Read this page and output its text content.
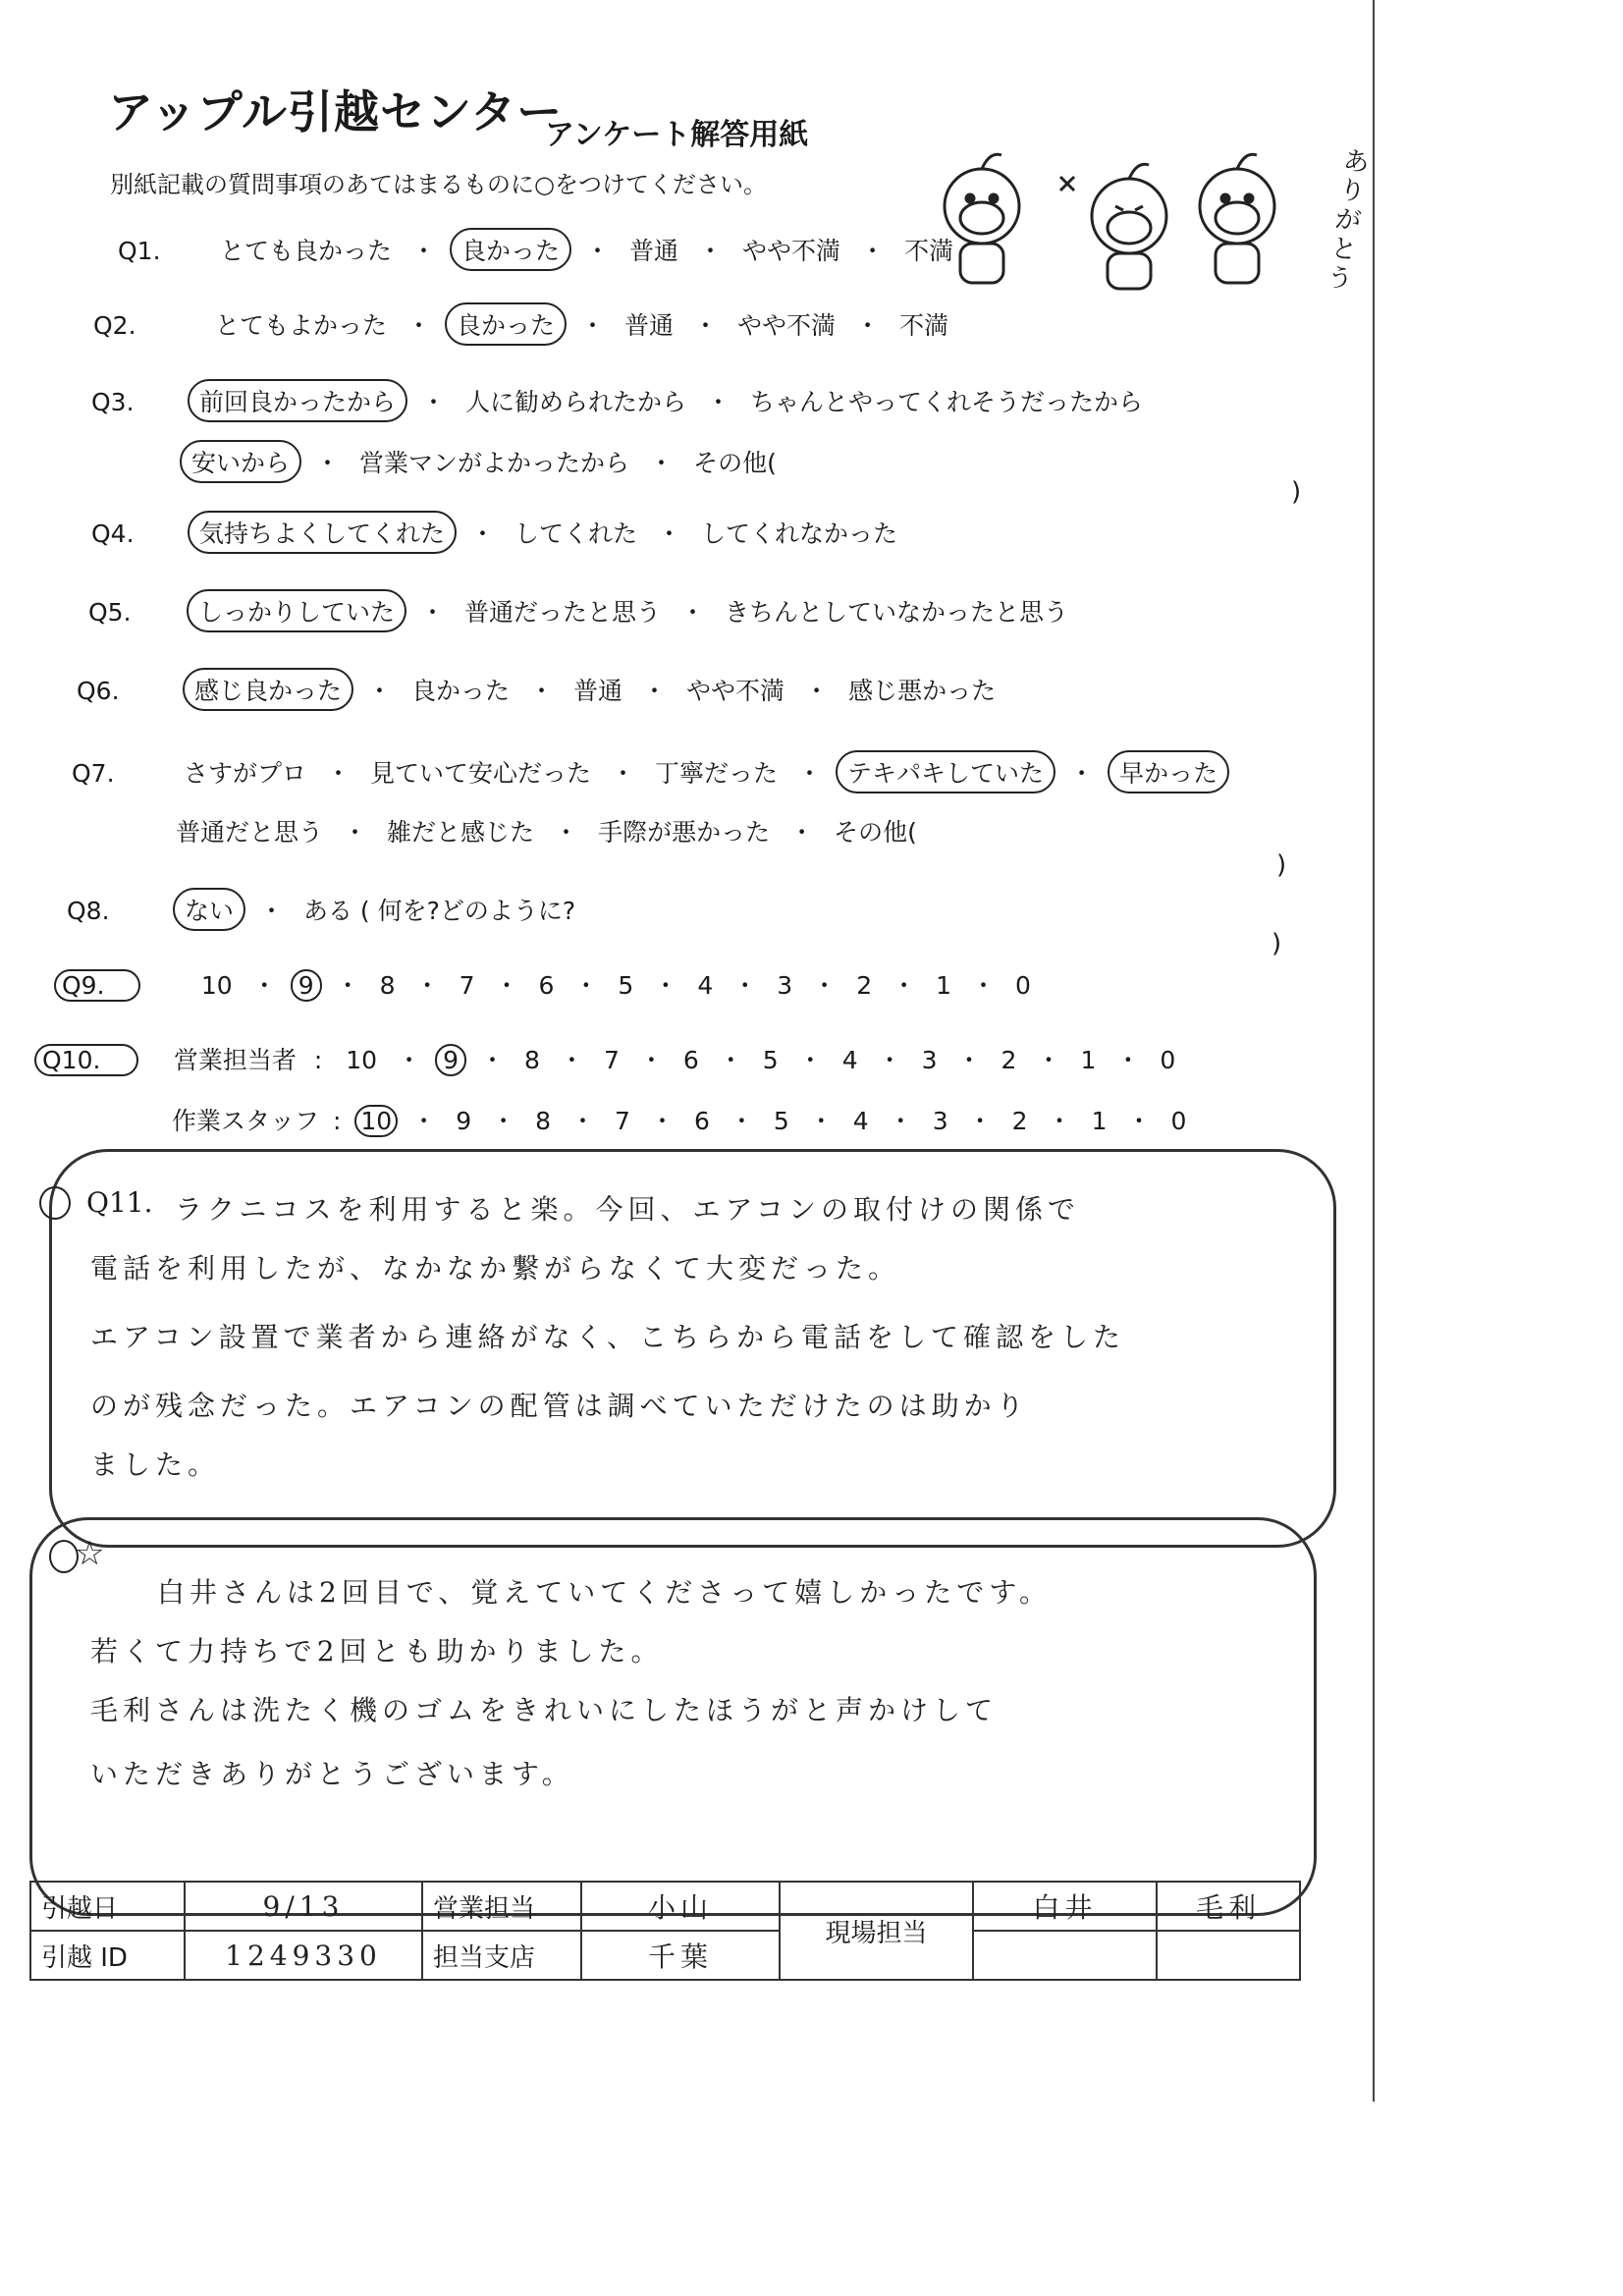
アップル引越センター
アンケート解答用紙
別紙記載の質問事項のあてはまるものに○をつけてください。
ありがとう
Q1. とても良かった ・ 良かった ・ 普通 ・ やや不満 ・ 不満
Q2.	とてもよかった ・ 良かった ・ 普通 ・ やや不満 ・ 不満
Q3.	前回良かったから ・ 人に勧められたから ・ ちゃんとやってくれそうだったから
安いから ・ 営業マンがよかったから ・ その他(
)
Q4.	気持ちよくしてくれた ・ してくれた ・ してくれなかった
Q5.	しっかりしていた ・ 普通だったと思う ・ きちんとしていなかったと思う
Q6.	感じ良かった ・ 良かった ・ 普通 ・ やや不満 ・ 感じ悪かった
Q7.	さすがプロ ・ 見ていて安心だった ・ 丁寧だった ・ テキパキしていた ・ 早かった
普通だと思う ・ 雑だと感じた ・ 手際が悪かった ・ その他(
)
Q8.	ない ・ ある ( 何を?どのように?
)
Q9.	10 ・ 9 ・ 8 ・ 7 ・ 6 ・ 5 ・ 4 ・ 3 ・ 2 ・ 1 ・ 0
Q10.	営業担当者 : 10 ・ 9 ・ 8 ・ 7 ・ 6 ・ 5 ・ 4 ・ 3 ・ 2 ・ 1 ・ 0
作業スタッフ : 10 ・ 9 ・ 8 ・ 7 ・ 6 ・ 5 ・ 4 ・ 3 ・ 2 ・ 1 ・ 0
Q11. ラクニコスを利用すると楽。今回、エアコンの取付けの関係で
電話を利用したが、なかなか繋がらなくて大変だった。
エアコン設置で業者から連絡がなく、こちらから電話をして確認をした
のが残念だった。エアコンの配管は調べていただけたのは助かり
ました。
☆
白井さんは2回目で、覚えていてくださって嬉しかったです。
若くて力持ちで2回とも助かりました。
毛利さんは洗たく機のゴムをきれいにしたほうがと声かけして
いただきありがとうございます。
引越日	9/13	営業担当	小山	現場担当	白井	毛利
引越 ID	1249330	担当支店	千葉			
